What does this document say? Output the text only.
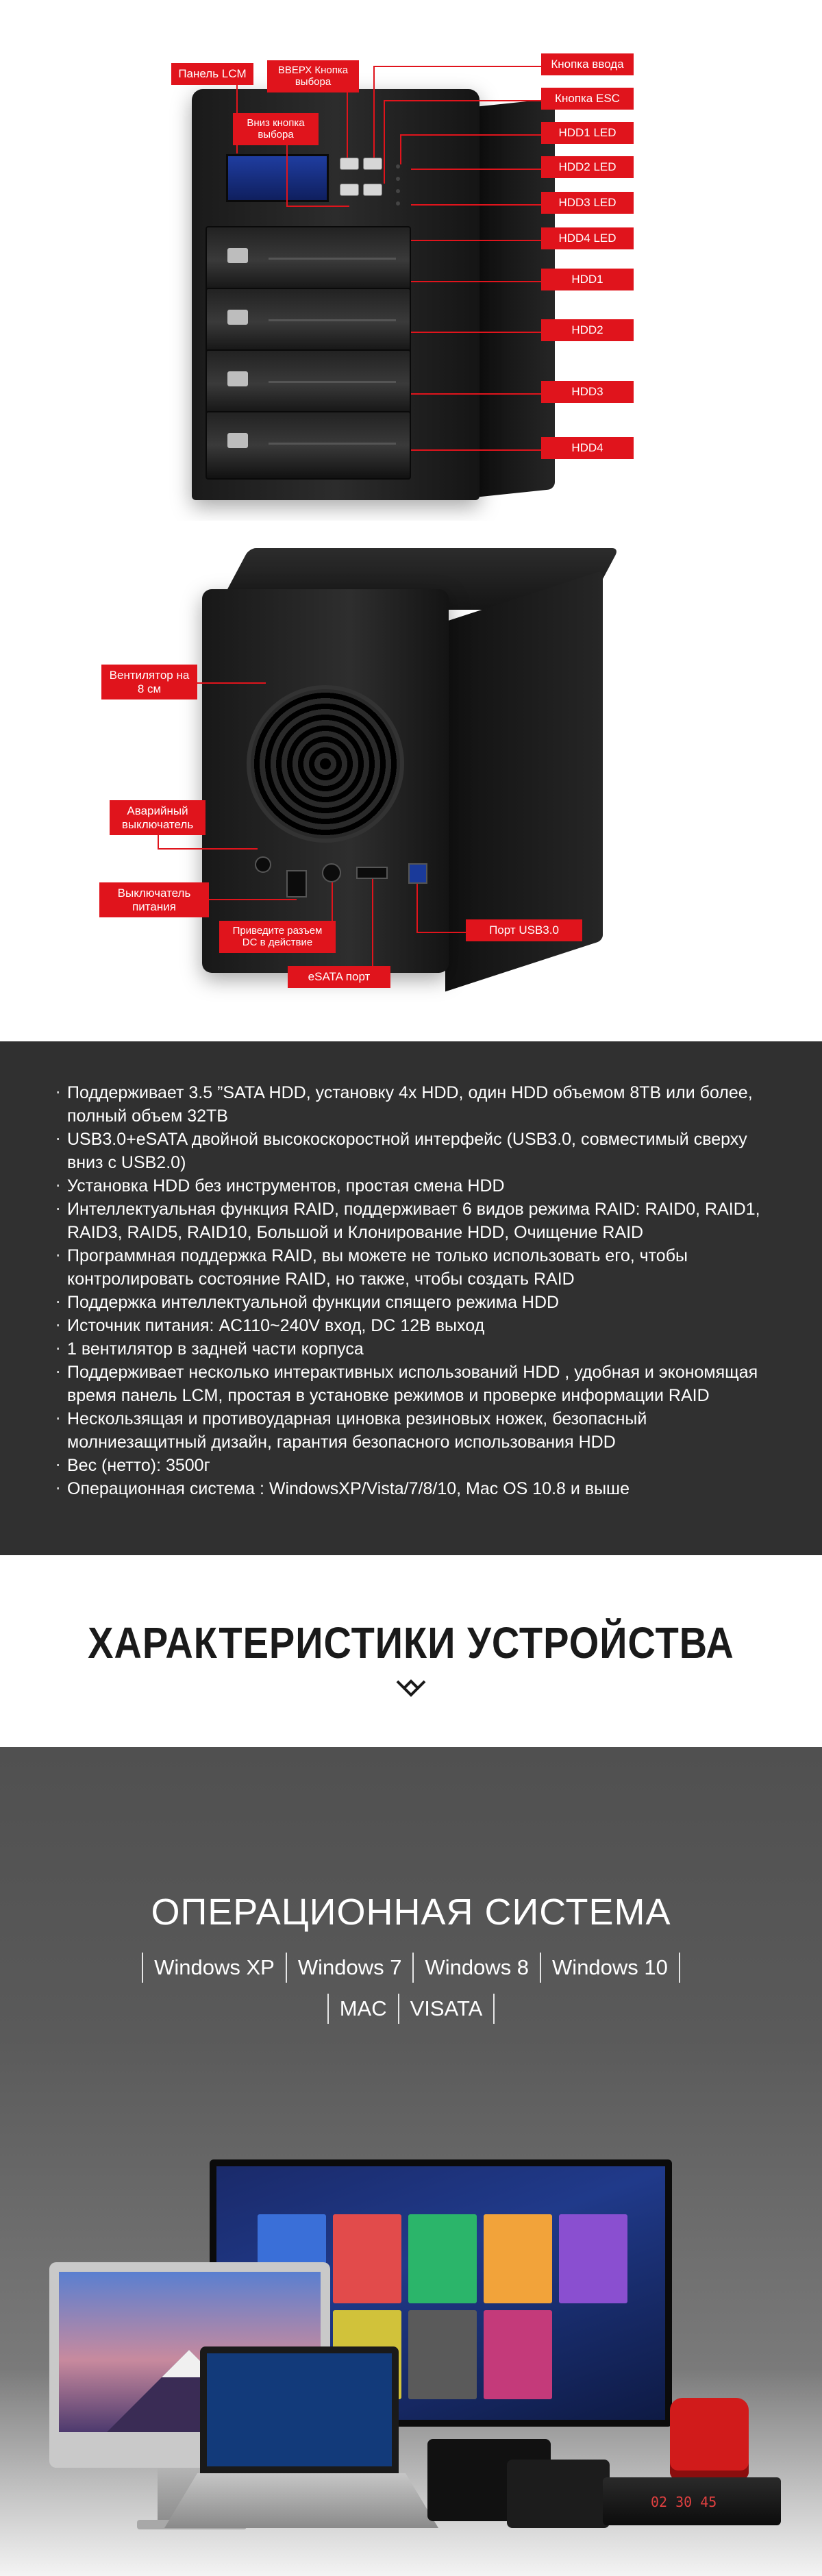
Панель LCM	ВВЕРХ Кнопка выбора
Вниз кнопка выбора
Кнопка ввода
Кнопка ESC
HDD1 LED
HDD2 LED
HDD3 LED
HDD4 LED
HDD1
HDD2
HDD3
HDD4
Вентилятор на 8 см
Аварийный выключатель
Выключатель питания
Приведите разъем DC в действие
eSATA порт
Порт USB3.0
· Поддерживает 3.5 ”SATA HDD, установку 4x HDD, один HDD объемом 8TB или более, полный объем 32TB
· USB3.0+eSATA двойной высокоскоростной интерфейс (USB3.0, совместимый сверху вниз с USB2.0)
· Установка HDD без инструментов, простая смена HDD
· Интеллектуальная функция RAID, поддерживает 6 видов режима RAID: RAID0, RAID1, RAID3, RAID5, RAID10, Большой и Клонирование HDD, Очищение RAID
· Программная поддержка RAID, вы можете не только использовать его, чтобы контролировать состояние RAID, но также, чтобы создать RAID
· Поддержка интеллектуальной функции спящего режима HDD
· Источник питания: AC110~240V вход, DC 12В выход
· 1 вентилятор в задней части корпуса
· Поддерживает несколько интерактивных использований HDD , удобная и экономящая время панель LCM, простая в установке режимов и проверке информации RAID
· Нескользящая и противоударная циновка резиновых ножек, безопасный молниезащитный дизайн, гарантия безопасного использования HDD
· Вес (нетто): 3500г
· Операционная система : WindowsXP/Vista/7/8/10, Mac OS 10.8 и выше
ХАРАКТЕРИСТИКИ УСТРОЙСТВА
ОПЕРАЦИОННАЯ СИСТЕМА
Windows XP	Windows 7	Windows 8	Windows 10
MAC	VISATA
02 30 45
